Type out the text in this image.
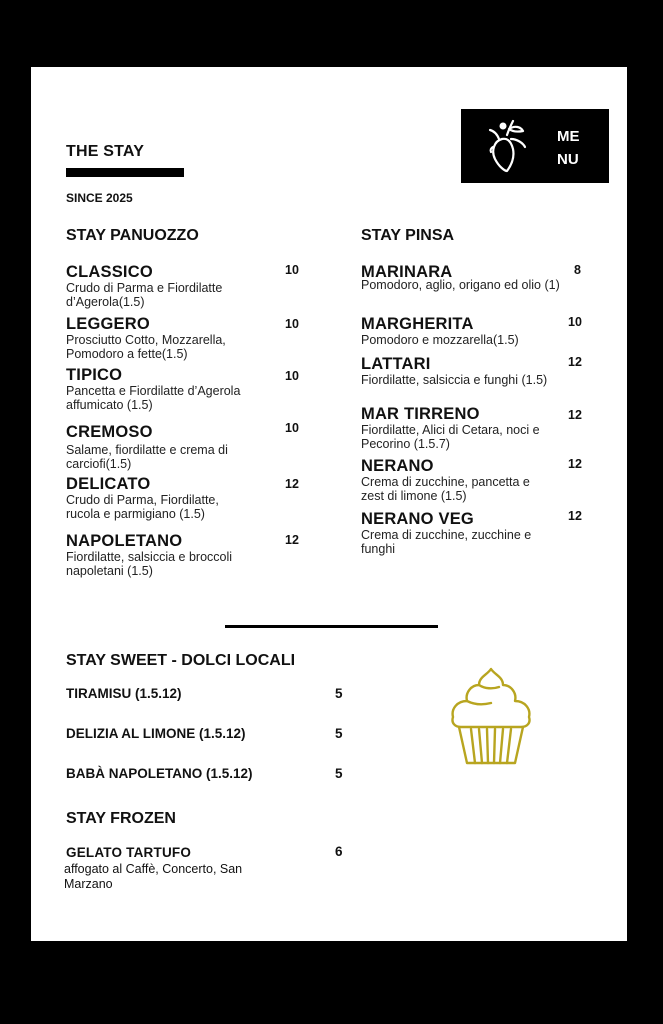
THE STAY
SINCE 2025
ME
NU
STAY PANUOZZO
CLASSICO
Crudo di Parma e Fiordilatte d’Agerola(1.5)
10
LEGGERO
Prosciutto Cotto, Mozzarella, Pomodoro a fette(1.5)
10
TIPICO
Pancetta e Fiordilatte d’Agerola affumicato (1.5)
10
CREMOSO
Salame, fiordilatte e crema di carciofi(1.5)
10
DELICATO
Crudo di Parma, Fiordilatte, rucola e parmigiano (1.5)
12
NAPOLETANO
Fiordilatte, salsiccia e broccoli napoletani (1.5)
12
STAY PINSA
MARINARA
Pomodoro, aglio, origano ed olio (1)
8
MARGHERITA
Pomodoro e mozzarella(1.5)
10
LATTARI
Fiordilatte, salsiccia e funghi (1.5)
12
MAR TIRRENO
Fiordilatte, Alici di Cetara, noci e Pecorino (1.5.7)
12
NERANO
Crema di zucchine, pancetta e zest di limone (1.5)
12
NERANO VEG
Crema di zucchine, zucchine e funghi
12
STAY SWEET - DOLCI LOCALI
TIRAMISU (1.5.12)	5
DELIZIA AL LIMONE (1.5.12)	5
BABÀ NAPOLETANO (1.5.12)	5
STAY FROZEN
GELATO TARTUFO
affogato al Caffè, Concerto, San Marzano
6
